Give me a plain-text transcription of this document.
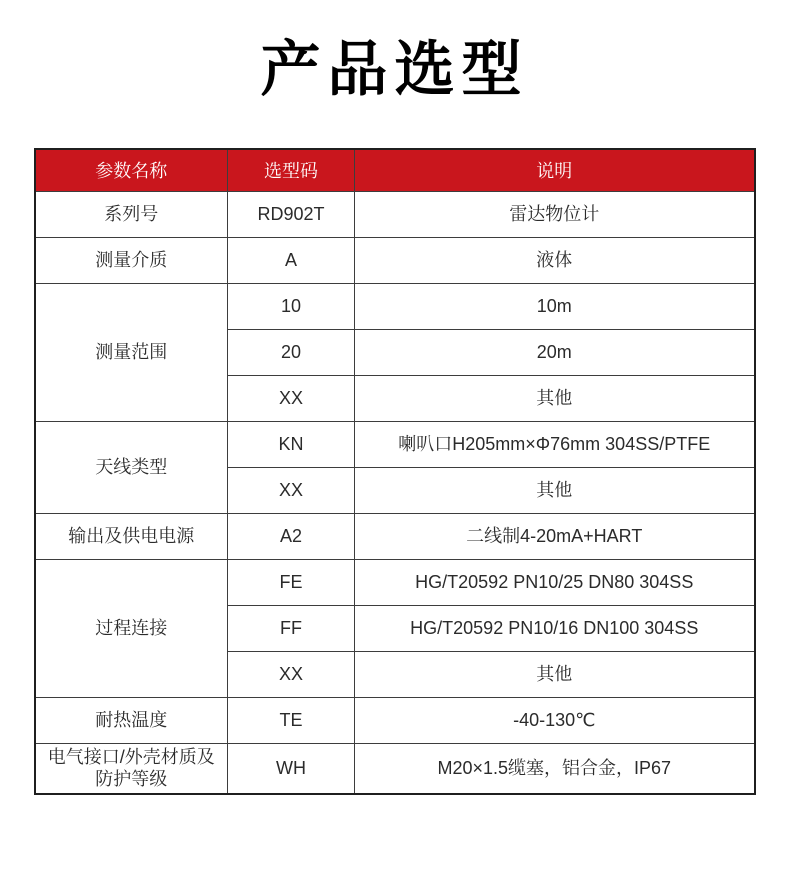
产品选型
参数名称	选型码	说明
系列号	RD902T	雷达物位计
测量介质	A	液体
测量范围	10	10m
	20	20m
	XX	其他
天线类型	KN	喇叭口H205mm×Φ76mm 304SS/PTFE
	XX	其他
输出及供电电源	A2	二线制4-20mA+HART
过程连接	FE	HG/T20592 PN10/25 DN80 304SS
	FF	HG/T20592 PN10/16 DN100 304SS
	XX	其他
耐热温度	TE	-40-130℃
电气接口/外壳材质及防护等级	WH	M20×1.5缆塞，铝合金，IP67
